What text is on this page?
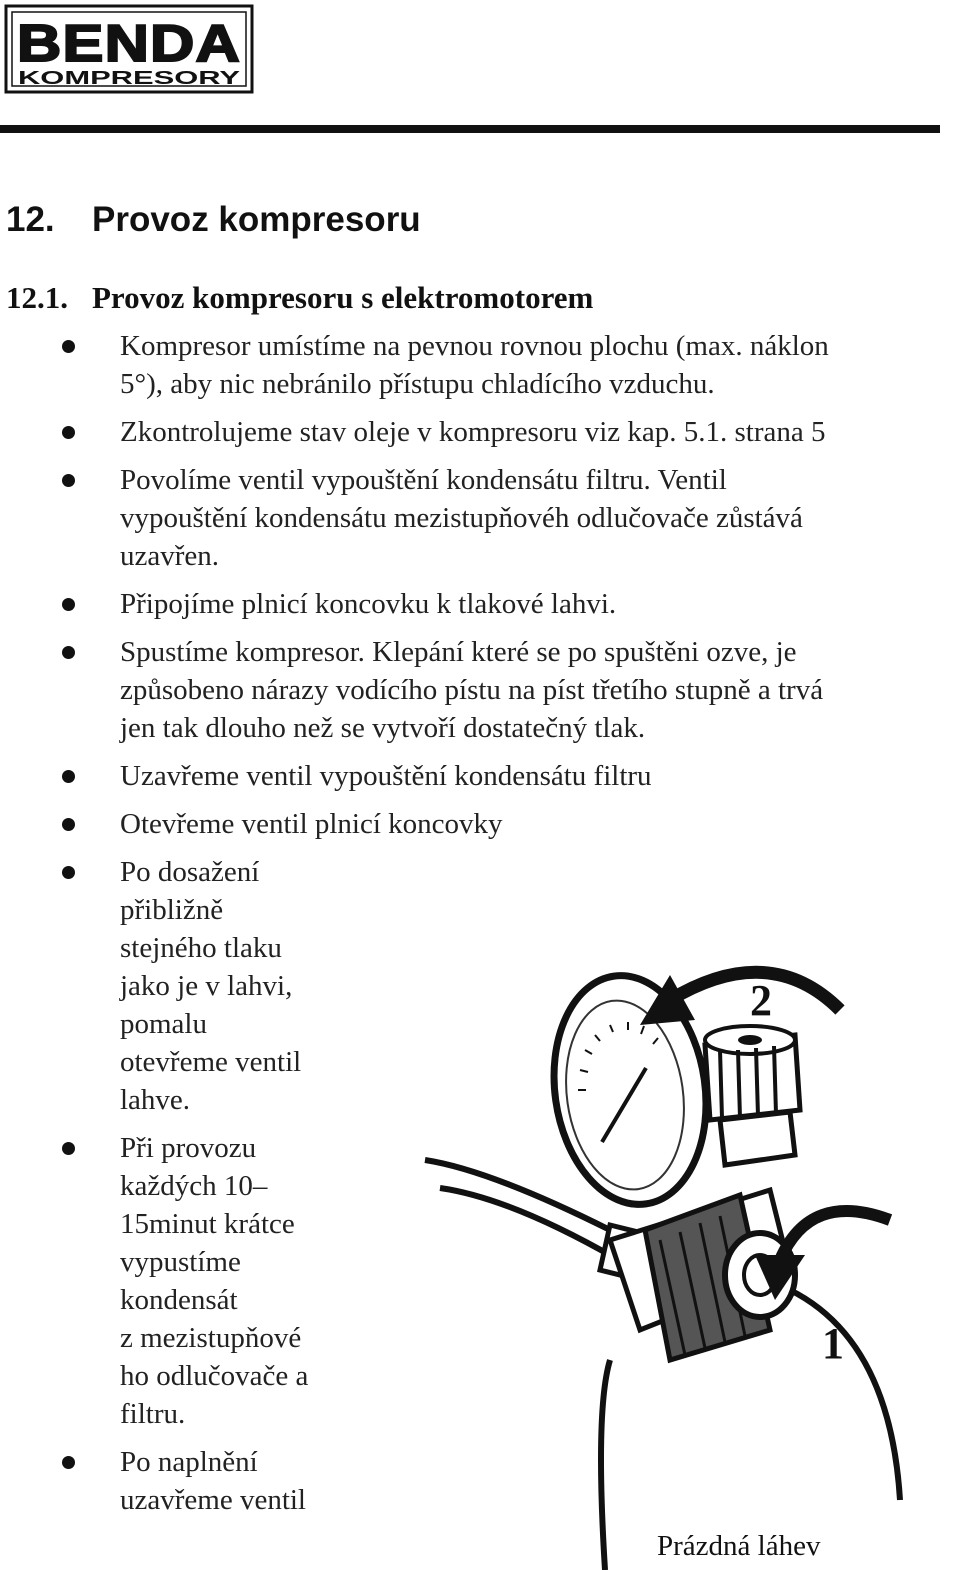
BENDA
KOMPRESORY
12. Provoz kompresoru
12.1. Provoz kompresoru s elektromotorem
Kompresor umístíme na pevnou rovnou plochu (max. náklon
5°), aby nic nebránilo přístupu chladícího vzduchu.
Zkontrolujeme stav oleje v kompresoru viz kap. 5.1. strana 5
Povolíme ventil vypouštění kondensátu filtru. Ventil
vypouštění kondensátu mezistupňovéh odlučovače zůstává
uzavřen.
Připojíme plnicí koncovku k tlakové lahvi.
Spustíme kompresor. Klepání které se po spuštěni ozve, je
způsobeno nárazy vodícího pístu na píst třetího stupně a trvá
jen tak dlouho než se vytvoří dostatečný tlak.
Uzavřeme ventil vypouštění kondensátu filtru
Otevřeme ventil plnicí koncovky
Po dosažení
přibližně
stejného tlaku
jako je v lahvi,
pomalu
otevřeme ventil
lahve.
Při provozu
každých 10–
15minut krátce
vypustíme
kondensát
z mezistupňové
ho odlučovače a
filtru.
Po naplnění
uzavřeme ventil
2
1
Prázdná láhev
